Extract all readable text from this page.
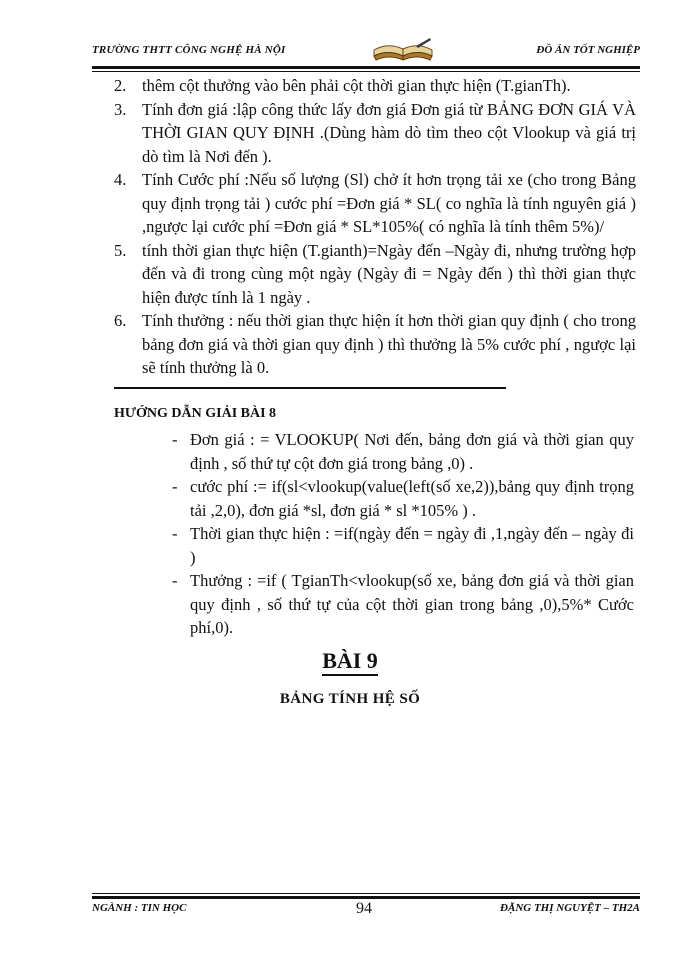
TRƯỜNG THTT CÔNG NGHỆ HÀ NỘI	ĐỒ ÁN TỐT NGHIỆP
2. thêm cột thưởng vào bên phải cột thời gian thực hiện (T.gianTh).
3. Tính đơn giá :lập công thức lấy đơn giá Đơn giá từ BẢNG ĐƠN GIÁ VÀ THỜI GIAN QUY ĐỊNH .(Dùng hàm dò tìm theo cột Vlookup và giá trị dò tìm là Nơi đến ).
4. Tính Cước phí :Nếu số lượng (Sl) chở ít hơn trọng tải xe (cho trong Bảng quy định trọng tải ) cước phí =Đơn giá * SL( co nghĩa là tính nguyên giá ) ,ngược lại cước phí =Đơn giá * SL*105%( có nghĩa là tính thêm 5%)/
5. tính thời gian thực hiện (T.gianth)=Ngày đến –Ngày đi, nhưng trường hợp đến và đi trong cùng một ngày (Ngày đi = Ngày đến ) thì thời gian thực hiện được tính là 1 ngày .
6. Tính thưởng : nếu thời gian thực hiện ít hơn thời gian quy định ( cho trong bảng đơn giá và thời gian quy định ) thì thưởng là 5% cước phí , ngược lại sẽ tính thưởng là 0.
HƯỚNG DẪN GIẢI BÀI 8
- Đơn giá : = VLOOKUP( Nơi đến, bảng đơn giá và thời gian quy định , số thứ tự cột đơn giá trong bảng ,0) .
- cước phí := if(sl<vlookup(value(left(số xe,2)),bảng quy định trọng tải ,2,0), đơn giá *sl, đơn giá * sl *105% ) .
- Thời gian thực hiện : =if(ngày đến = ngày đi ,1,ngày đến – ngày đi )
- Thưởng : =if ( TgianTh<vlookup(số xe, bảng đơn giá và thời gian quy định , số thứ tự của cột thời gian trong bảng ,0),5%* Cước phí,0).
BÀI 9
BẢNG TÍNH HỆ SỐ
NGÀNH : TIN HỌC	94	ĐẶNG THỊ NGUYỆT – TH2A
